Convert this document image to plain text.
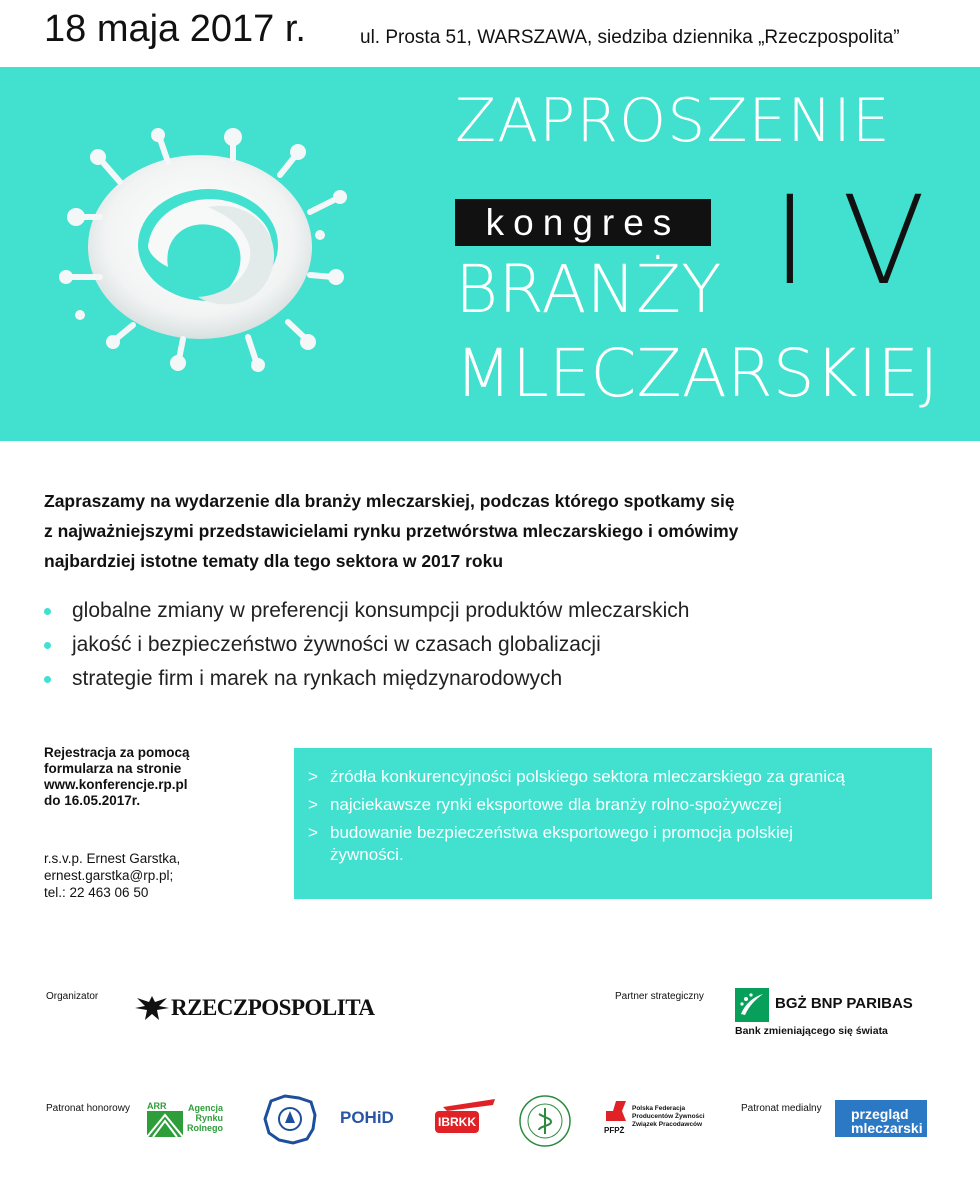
18 maja 2017 r.	ul. Prosta 51, WARSZAWA, siedziba dziennika „Rzeczpospolita”
ZAPROSZENIE
kongres IV
BRANŻY
MLECZARSKIEJ
Zapraszamy na wydarzenie dla branży mleczarskiej, podczas którego spotkamy się
z najważniejszymi przedstawicielami rynku przetwórstwa mleczarskiego i omówimy
najbardziej istotne tematy dla tego sektora w 2017 roku
globalne zmiany w preferencji konsumpcji produktów mleczarskich
jakość i bezpieczeństwo żywności w czasach globalizacji
strategie firm i marek na rynkach międzynarodowych
Rejestracja za pomocą
formularza na stronie
www.konferencje.rp.pl
do 16.05.2017r.
r.s.v.p. Ernest Garstka,
ernest.garstka@rp.pl;
tel.: 22 463 06 50
> źródła konkurencyjności polskiego sektora mleczarskiego za granicą
> najciekawsze rynki eksportowe dla branży rolno-spożywczej
> budowanie bezpieczeństwa eksportowego i promocja polskiej żywności.
Organizator	RZECZPOSPOLITA	Partner strategiczny	BGŻ BNP PARIBAS
Bank zmieniającego się świata
Patronat honorowy ARR Agencja
Rynku
Rolnego
POHiD	IBRKK
PFPŻ
Polska Federacja
Producentów Żywności
Związek Pracodawców
Patronat medialny przegląd
mleczarski
